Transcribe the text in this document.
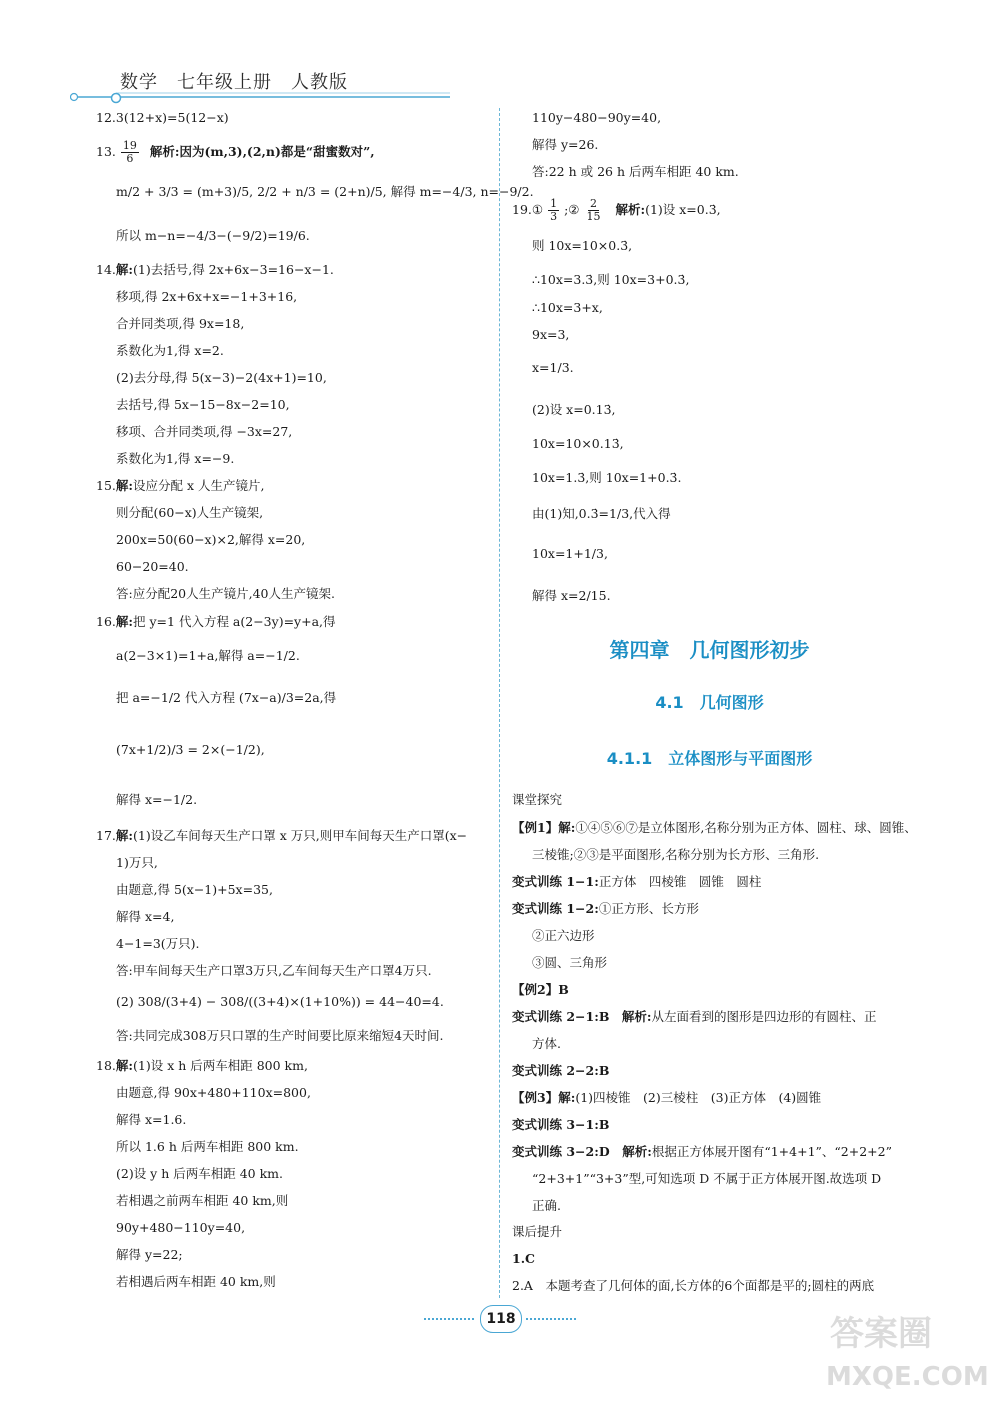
数学　七年级上册　人教版
12.3(12+x)=5(12−x)
13. $\frac{19}{6}$ 解析:因为(m,3),(2,n)都是“甜蜜数对”,
m/2 + 3/3 = (m+3)/5, 2/2 + n/3 = (2+n)/5, 解得 m=−4/3, n=−9/2.
所以 m−n=−4/3−(−9/2)=19/6.
14.解:(1)去括号,得 2x+6x−3=16−x−1.
移项,得 2x+6x+x=−1+3+16,
合并同类项,得 9x=18,
系数化为1,得 x=2.
(2)去分母,得 5(x−3)−2(4x+1)=10,
去括号,得 5x−15−8x−2=10,
移项、合并同类项,得 −3x=27,
系数化为1,得 x=−9.
15.解:设应分配 x 人生产镜片,
则分配(60−x)人生产镜架,
200x=50(60−x)×2,解得 x=20,
60−20=40.
答:应分配20人生产镜片,40人生产镜架.
16.解:把 y=1 代入方程 a(2−3y)=y+a,得
a(2−3×1)=1+a,解得 a=−1/2.
把 a=−1/2 代入方程 (7x−a)/3=2a,得
(7x+1/2)/3 = 2×(−1/2),
解得 x=−1/2.
17.解:(1)设乙车间每天生产口罩 x 万只,则甲车间每天生产口罩(x−
1)万只,
由题意,得 5(x−1)+5x=35,
解得 x=4,
4−1=3(万只).
答:甲车间每天生产口罩3万只,乙车间每天生产口罩4万只.
(2) 308/(3+4) − 308/((3+4)×(1+10%)) = 44−40=4.
答:共同完成308万只口罩的生产时间要比原来缩短4天时间.
18.解:(1)设 x h 后两车相距 800 km,
由题意,得 90x+480+110x=800,
解得 x=1.6.
所以 1.6 h 后两车相距 800 km.
(2)设 y h 后两车相距 40 km.
若相遇之前两车相距 40 km,则
90y+480−110y=40,
解得 y=22;
若相遇后两车相距 40 km,则
110y−480−90y=40,
解得 y=26.
答:22 h 或 26 h 后两车相距 40 km.
19.① $\frac{1}{3}$ ;② $\frac{2}{15}$ 解析:(1)设 x=0.3̇,
则 10x=10×0.3̇,
∴10x=3.3̇,则 10x=3+0.3̇,
∴10x=3+x,
9x=3,
x=1/3.
(2)设 x=0.13̇,
10x=10×0.13̇,
10x=1.3̇,则 10x=1+0.3̇.
由(1)知,0.3̇=1/3,代入得
10x=1+1/3,
解得 x=2/15.
第四章　几何图形初步
4.1　几何图形
4.1.1　立体图形与平面图形
课堂探究
【例1】解:①④⑤⑥⑦是立体图形,名称分别为正方体、圆柱、球、圆锥、
三棱锥;②③是平面图形,名称分别为长方形、三角形.
变式训练 1−1:正方体　四棱锥　圆锥　圆柱
变式训练 1−2:①正方形、长方形
②正六边形
③圆、三角形
【例2】B
变式训练 2−1:B　 解析:从左面看到的图形是四边形的有圆柱、正
方体.
变式训练 2−2:B
【例3】解:(1)四棱锥　(2)三棱柱　(3)正方体　(4)圆锥
变式训练 3−1:B
变式训练 3−2:D　 解析:根据正方体展开图有“1+4+1”、“2+2+2”
“2+3+1”“3+3”型,可知选项 D 不属于正方体展开图.故选项 D
正确.
课后提升
1.C
2.A　本题考查了几何体的面,长方体的6个面都是平的;圆柱的两底
118	答案圈
MXQE.COM
